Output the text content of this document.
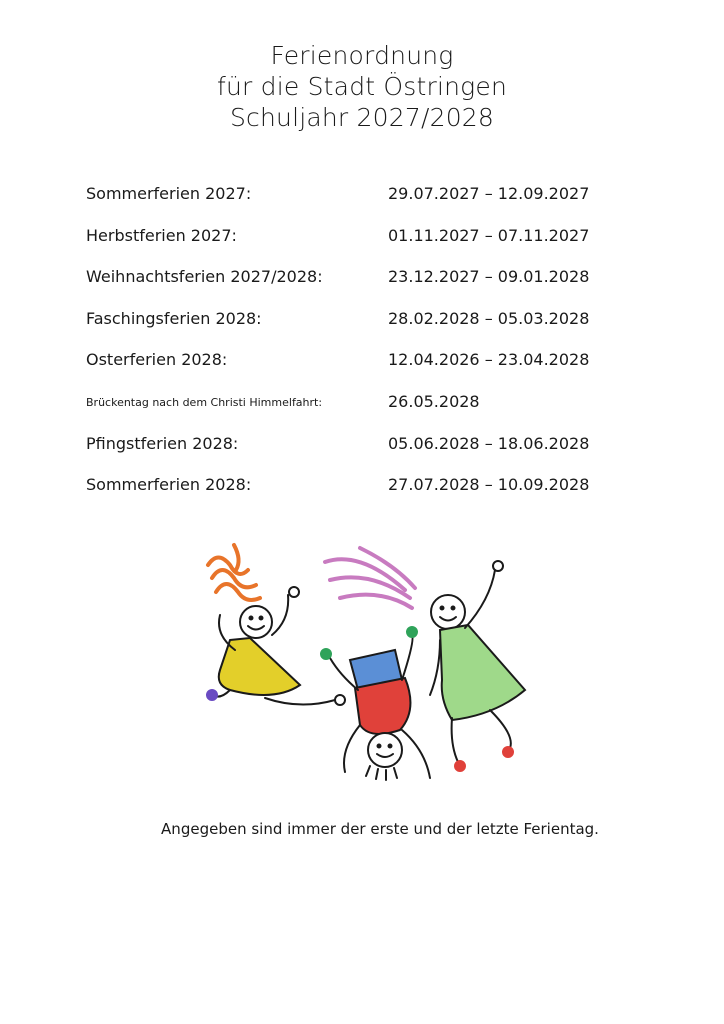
Ferienordnung
für die Stadt Östringen
Schuljahr 2027/2028
Sommerferien 2027:	29.07.2027 – 12.09.2027
Herbstferien 2027:	01.11.2027 – 07.11.2027
Weihnachtsferien 2027/2028:	23.12.2027 – 09.01.2028
Faschingsferien 2028:	28.02.2028 – 05.03.2028
Osterferien 2028:	12.04.2026 – 23.04.2028
Brückentag nach dem Christi Himmelfahrt:	26.05.2028
Pfingstferien 2028:	05.06.2028 – 18.06.2028
Sommerferien 2028:	27.07.2028 – 10.09.2028
Angegeben sind immer der erste und der letzte Ferientag.
